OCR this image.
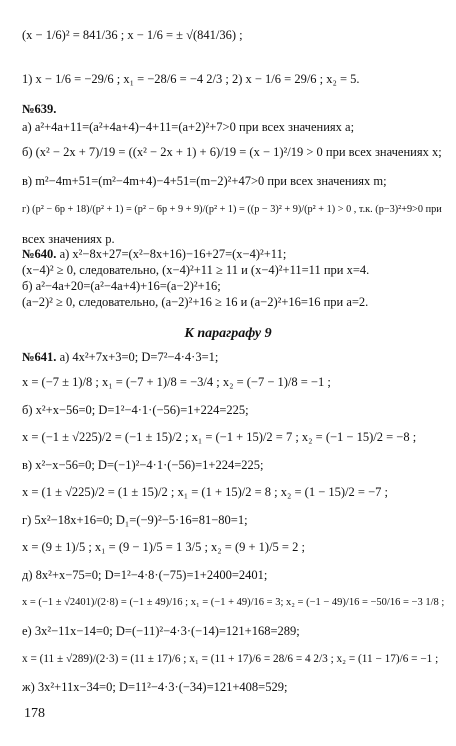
(x − 1/6)² = 841/36 ; x − 1/6 = ± √(841/36) ;
1) x − 1/6 = −29/6 ; x₁ = −28/6 = −4 2/3 ; 2) x − 1/6 = 29/6 ; x₂ = 5.
№639.
а) a²+4a+11=(a²+4a+4)−4+11=(a+2)²+7>0 при всех значениях a;
б) (x² − 2x + 7)/19 = ((x² − 2x + 1) + 6)/19 = (x − 1)²/19 > 0 при всех значениях x;
в) m²−4m+51=(m²−4m+4)−4+51=(m−2)²+47>0 при всех значениях m;
г) (p² − 6p + 18)/(p² + 1) = (p² − 6p + 9 + 9)/(p² + 1) = ((p − 3)² + 9)/(p² + 1) > 0 , т.к. (p−3)²+9>0 при
всех значениях p.
№640. а) x²−8x+27=(x²−8x+16)−16+27=(x−4)²+11;
(x−4)² ≥ 0, следовательно, (x−4)²+11 ≥ 11 и (x−4)²+11=11 при x=4.
б) a²−4a+20=(a²−4a+4)+16=(a−2)²+16;
(a−2)² ≥ 0, следовательно, (a−2)²+16 ≥ 16 и (a−2)²+16=16 при a=2.
К параграфу 9
№641. а) 4x²+7x+3=0; D=7²−4·4·3=1;
x = (−7 ± 1)/8 ; x₁ = (−7 + 1)/8 = −3/4 ; x₂ = (−7 − 1)/8 = −1 ;
б) x²+x−56=0; D=1²−4·1·(−56)=1+224=225;
x = (−1 ± √225)/2 = (−1 ± 15)/2 ; x₁ = (−1 + 15)/2 = 7 ; x₂ = (−1 − 15)/2 = −8 ;
в) x²−x−56=0; D=(−1)²−4·1·(−56)=1+224=225;
x = (1 ± √225)/2 = (1 ± 15)/2 ; x₁ = (1 + 15)/2 = 8 ; x₂ = (1 − 15)/2 = −7 ;
г) 5x²−18x+16=0; D₁=(−9)²−5·16=81−80=1;
x = (9 ± 1)/5 ; x₁ = (9 − 1)/5 = 1 3/5 ; x₂ = (9 + 1)/5 = 2 ;
д) 8x²+x−75=0; D=1²−4·8·(−75)=1+2400=2401;
x = (−1 ± √2401)/(2·8) = (−1 ± 49)/16 ; x₁ = (−1 + 49)/16 = 3; x₂ = (−1 − 49)/16 = −50/16 = −3 1/8 ;
е) 3x²−11x−14=0; D=(−11)²−4·3·(−14)=121+168=289;
x = (11 ± √289)/(2·3) = (11 ± 17)/6 ; x₁ = (11 + 17)/6 = 28/6 = 4 2/3 ; x₂ = (11 − 17)/6 = −1 ;
ж) 3x²+11x−34=0; D=11²−4·3·(−34)=121+408=529;
178
